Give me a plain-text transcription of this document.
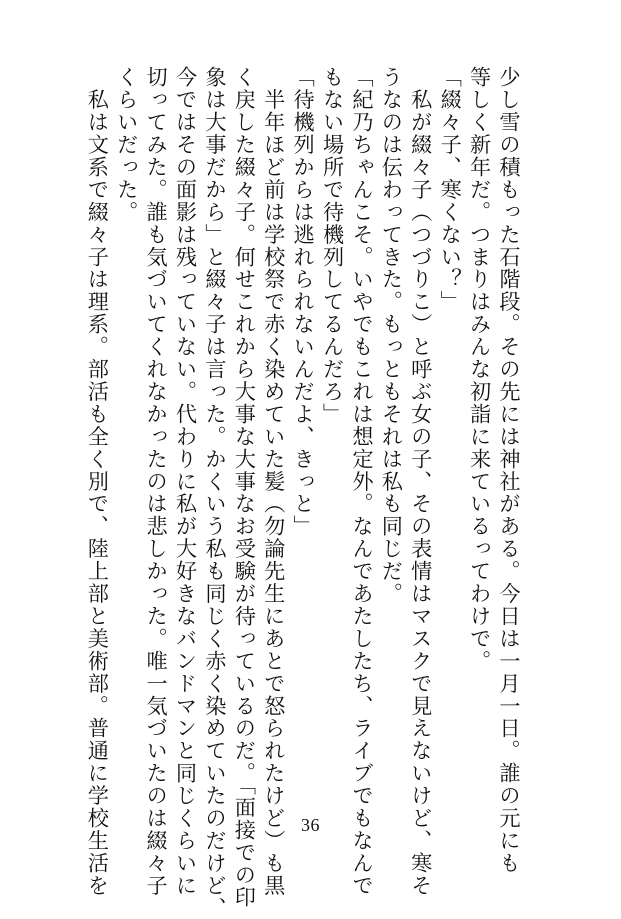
少し雪の積もった石階段。その先には神社がある。今日は一月一日。誰の元にも
等しく新年だ。つまりはみんな初詣に来ているってわけで。
「綴々子、寒くない？」
　私が綴々子（つづりこ）と呼ぶ女の子、その表情はマスクで見えないけど、寒そ
うなのは伝わってきた。もっともそれは私も同じだ。
「紀乃ちゃんこそ。いやでもこれは想定外。なんであたしたち、ライブでもなんで
もない場所で待機列してるんだろ」
「待機列からは逃れられないんだよ、きっと」
　半年ほど前は学校祭で赤く染めていた髪（勿論先生にあとで怒られたけど）も黒
く戻した綴々子。何せこれから大事な大事なお受験が待っているのだ。「面接での印
象は大事だから」と綴々子は言った。かくいう私も同じく赤く染めていたのだけど、
今ではその面影は残っていない。代わりに私が大好きなバンドマンと同じくらいに
切ってみた。誰も気づいてくれなかったのは悲しかった。唯一気づいたのは綴々子
くらいだった。
　私は文系で綴々子は理系。部活も全く別で、陸上部と美術部。普通に学校生活を	36
